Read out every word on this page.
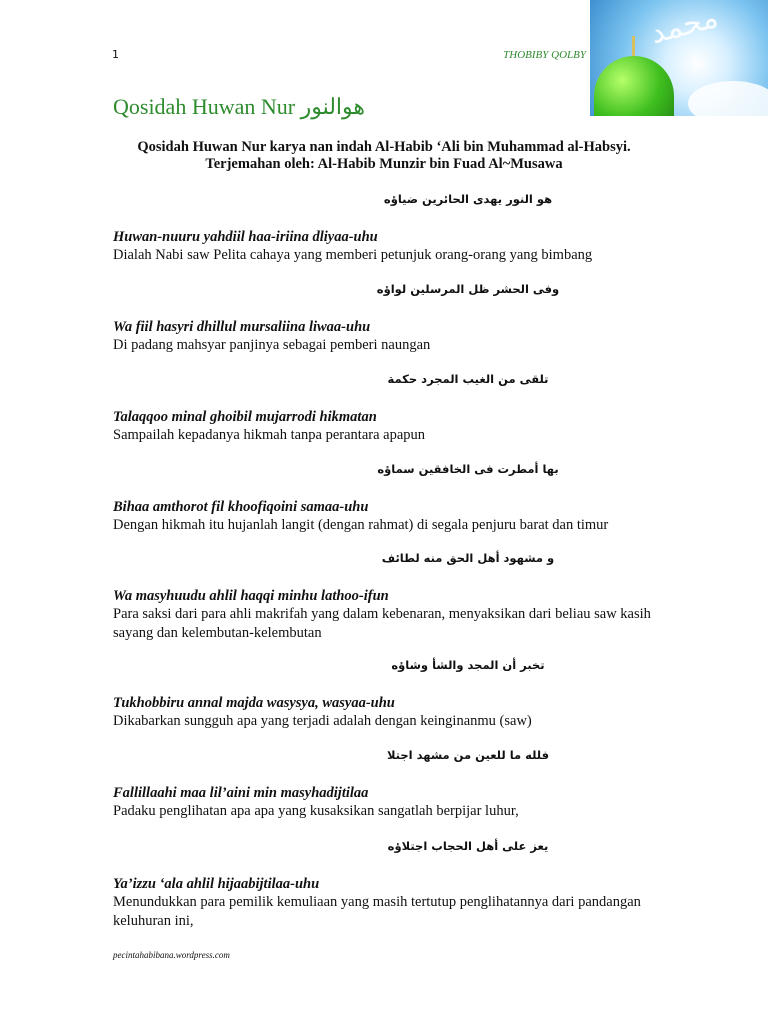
1
محمد
THOBIBY QOLBY
Qosidah Huwan Nur هوالنور
Qosidah Huwan Nur karya nan indah Al-Habib ‘Ali bin Muhammad al-Habsyi.
Terjemahan oleh: Al-Habib Munzir bin Fuad Al~Musawa
هو النور يهدى الحائرين ضياؤه
Huwan-nuuru yahdiil haa-iriina dliyaa-uhu
Dialah Nabi saw Pelita cahaya yang memberi petunjuk orang-orang yang bimbang
وفى الحشر ظل المرسلين لواؤه
Wa fiil hasyri dhillul mursaliina liwaa-uhu
Di padang mahsyar panjinya sebagai pemberi naungan
تلقى من الغيب المجرد حكمة
Talaqqoo minal ghoibil mujarrodi hikmatan
Sampailah kepadanya hikmah tanpa perantara apapun
بها أمطرت فى الخافقين سماؤه
Bihaa amthorot fil khoofiqoini samaa-uhu
Dengan hikmah itu hujanlah langit (dengan rahmat) di segala penjuru barat dan timur
و مشهود أهل الحق منه لطائف
Wa masyhuudu ahlil haqqi minhu lathoo-ifun
Para saksi dari para ahli makrifah yang dalam kebenaran, menyaksikan dari beliau saw kasih sayang dan kelembutan-kelembutan
تخبر أن المجد والشأ وشاؤه
Tukhobbiru annal majda wasysya, wasyaa-uhu
Dikabarkan sungguh apa yang terjadi adalah dengan keinginanmu (saw)
فلله ما للعين من مشهد اجتلا
Fallillaahi maa lil’aini min masyhadijtilaa
Padaku penglihatan apa apa yang kusaksikan sangatlah berpijar luhur,
يعز على أهل الحجاب اجتلاؤه
Ya’izzu ‘ala ahlil hijaabijtilaa-uhu
Menundukkan para pemilik kemuliaan yang masih tertutup penglihatannya dari pandangan keluhuran ini,
pecintahabibana.wordpress.com
